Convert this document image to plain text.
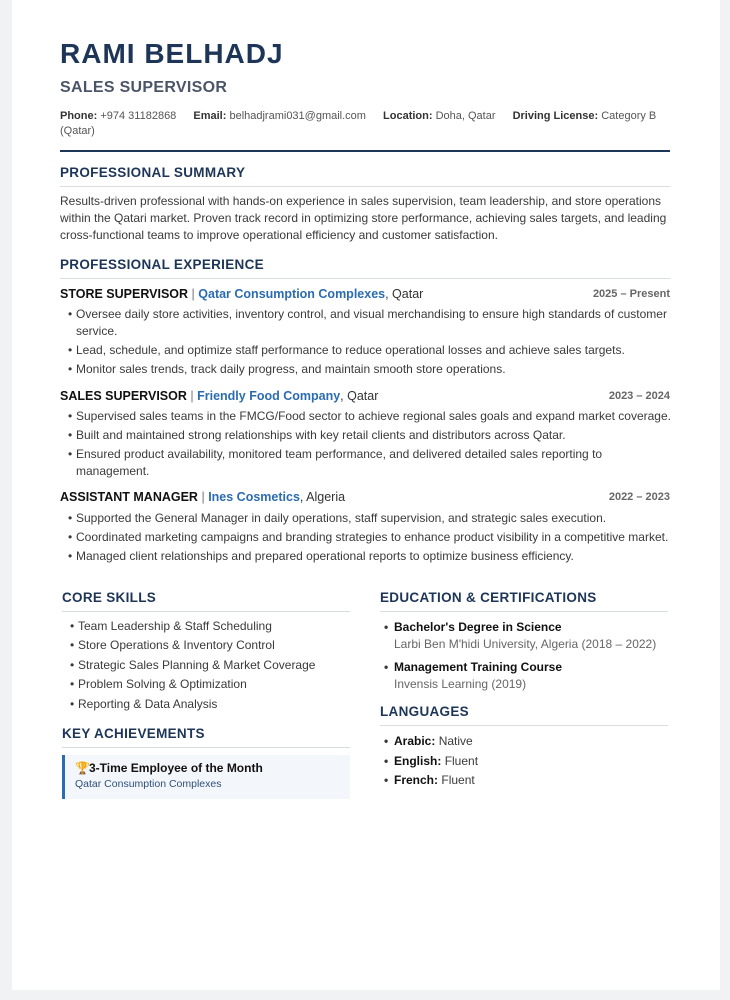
RAMI BELHADJ
SALES SUPERVISOR
Phone: +974 31182868 Email: belhadjrami031@gmail.com Location: Doha, Qatar Driving License: Category B (Qatar)
PROFESSIONAL SUMMARY
Results-driven professional with hands-on experience in sales supervision, team leadership, and store operations within the Qatari market. Proven track record in optimizing store performance, achieving sales targets, and leading cross-functional teams to improve operational efficiency and customer satisfaction.
PROFESSIONAL EXPERIENCE
STORE SUPERVISOR | Qatar Consumption Complexes, Qatar	2025 – Present
• Oversee daily store activities, inventory control, and visual merchandising to ensure high standards of customer service.
• Lead, schedule, and optimize staff performance to reduce operational losses and achieve sales targets.
• Monitor sales trends, track daily progress, and maintain smooth store operations.
SALES SUPERVISOR | Friendly Food Company, Qatar	2023 – 2024
• Supervised sales teams in the FMCG/Food sector to achieve regional sales goals and expand market coverage.
• Built and maintained strong relationships with key retail clients and distributors across Qatar.
• Ensured product availability, monitored team performance, and delivered detailed sales reporting to management.
ASSISTANT MANAGER | Ines Cosmetics, Algeria	2022 – 2023
• Supported the General Manager in daily operations, staff supervision, and strategic sales execution.
• Coordinated marketing campaigns and branding strategies to enhance product visibility in a competitive market.
• Managed client relationships and prepared operational reports to optimize business efficiency.
CORE SKILLS
• Team Leadership & Staff Scheduling
• Store Operations & Inventory Control
• Strategic Sales Planning & Market Coverage
• Problem Solving & Optimization
• Reporting & Data Analysis
KEY ACHIEVEMENTS
🏆3-Time Employee of the Month
Qatar Consumption Complexes
EDUCATION & CERTIFICATIONS
• Bachelor's Degree in Science
Larbi Ben M'hidi University, Algeria (2018 – 2022)
• Management Training Course
Invensis Learning (2019)
LANGUAGES
• Arabic: Native
• English: Fluent
• French: Fluent
